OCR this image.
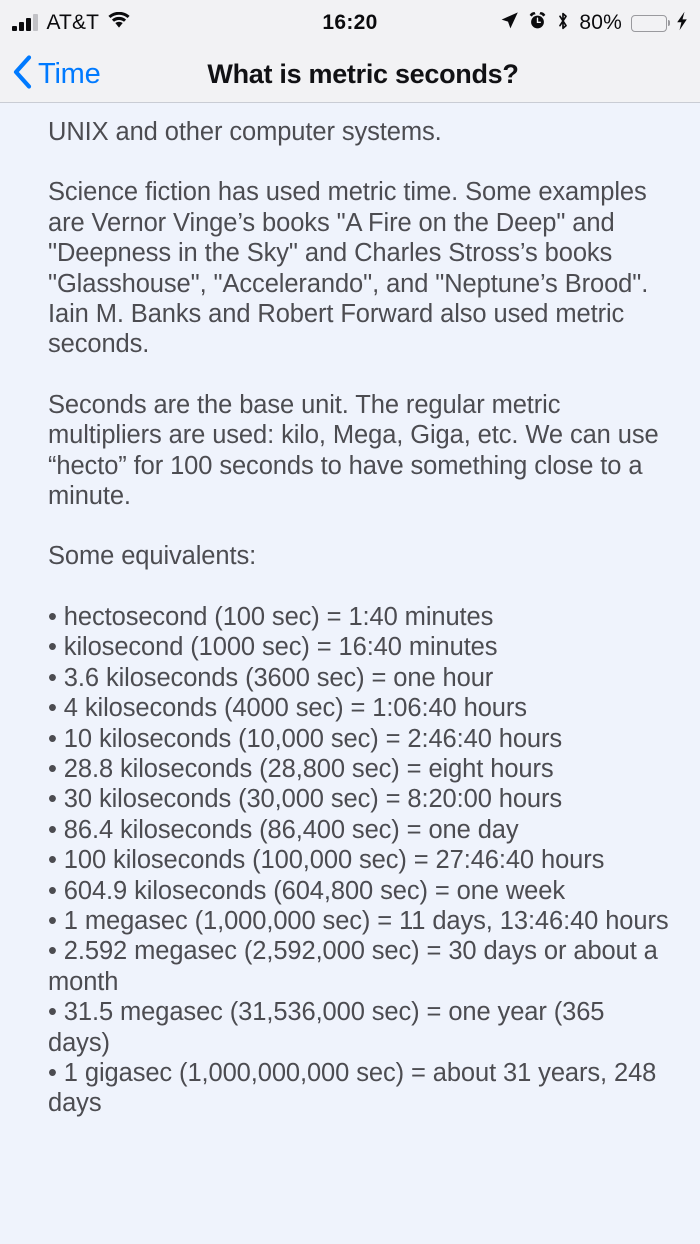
AT&T	16:20	80%
Time	What is metric seconds?

UNIX and other computer systems.

Science fiction has used metric time. Some examples are Vernor Vinge’s books "A Fire on the Deep" and "Deepness in the Sky" and Charles Stross’s books "Glasshouse", "Accelerando", and "Neptune’s Brood". Iain M. Banks and Robert Forward also used metric seconds.

Seconds are the base unit. The regular metric multipliers are used: kilo, Mega, Giga, etc. We can use “hecto” for 100 seconds to have something close to a minute.

Some equivalents:

• hectosecond (100 sec) = 1:40 minutes
• kilosecond (1000 sec) = 16:40 minutes
• 3.6 kiloseconds (3600 sec) = one hour
• 4 kiloseconds (4000 sec) = 1:06:40 hours
• 10 kiloseconds (10,000 sec) = 2:46:40 hours
• 28.8 kiloseconds (28,800 sec) = eight hours
• 30 kiloseconds (30,000 sec) = 8:20:00 hours
• 86.4 kiloseconds (86,400 sec) = one day
• 100 kiloseconds (100,000 sec) = 27:46:40 hours
• 604.9 kiloseconds (604,800 sec) = one week
• 1 megasec (1,000,000 sec) = 11 days, 13:46:40 hours
• 2.592 megasec (2,592,000 sec) = 30 days or about a month
• 31.5 megasec (31,536,000 sec) = one year (365 days)
• 1 gigasec (1,000,000,000 sec) = about 31 years, 248 days
